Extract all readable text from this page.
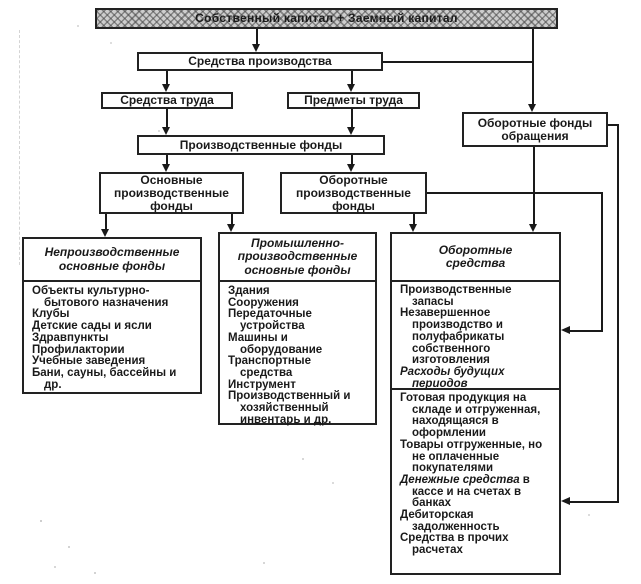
Собственный капитал + Заемный капитал
Средства производства
Средства труда	Предметы труда
Производственные фонды
Основные производственные фонды
Оборотные производственные фонды
Оборотные фонды обращения
Непроизводственные основные фонды
Объекты культурно-бытового назначения
Клубы
Детские сады и ясли
Здравпункты
Профилактории
Учебные заведения
Бани, сауны, бассейны и др.
Промышленно-производственные основные фонды
Здания
Сооружения
Передаточные устройства
Машины и оборудование
Транспортные средства
Инструмент
Производственный и хозяйственный инвентарь и др.
Оборотные средства
Производственные запасы
Незавершенное производство и полуфабрикаты собственного изготовления
Расходы будущих периодов
Готовая продукция на складе и отгруженная, находящаяся в оформлении
Товары отгруженные, но не оплаченные покупателями
Денежные средства в кассе и на счетах в банках
Дебиторская задолженность
Средства в прочих расчетах
